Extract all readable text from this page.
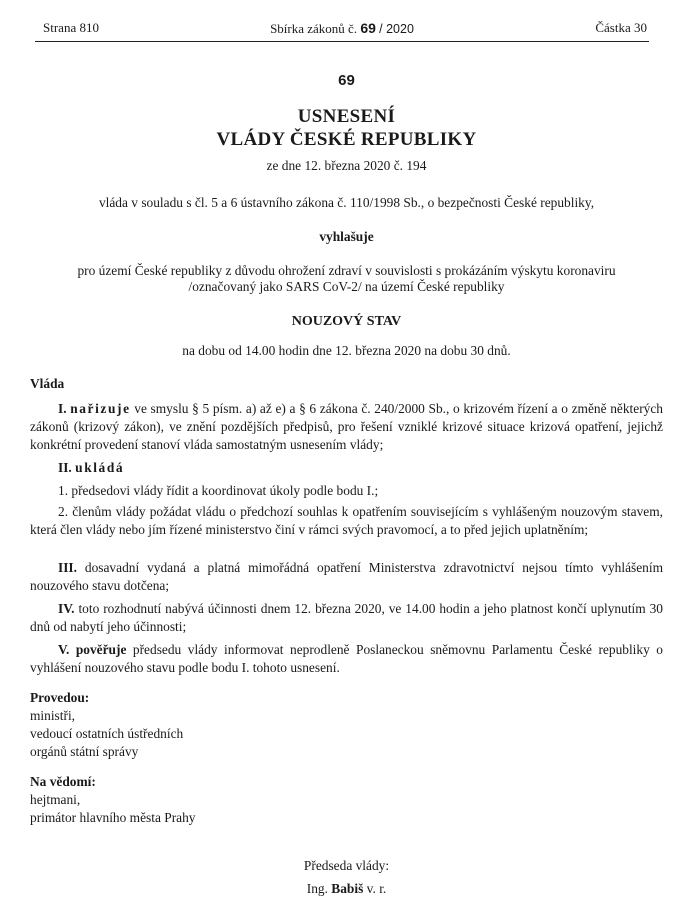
Strana 810	Sbírka zákonů č. 69 / 2020	Částka 30
69
USNESENÍ
VLÁDY ČESKÉ REPUBLIKY
ze dne 12. března 2020 č. 194
vláda v souladu s čl. 5 a 6 ústavního zákona č. 110/1998 Sb., o bezpečnosti České republiky,
vyhlašuje
pro území České republiky z důvodu ohrožení zdraví v souvislosti s prokázáním výskytu koronaviru
/označovaný jako SARS CoV-2/ na území České republiky
NOUZOVÝ STAV
na dobu od 14.00 hodin dne 12. března 2020 na dobu 30 dnů.
Vláda
I. nařizuje ve smyslu § 5 písm. a) až e) a § 6 zákona č. 240/2000 Sb., o krizovém řízení a o změně některých zákonů (krizový zákon), ve znění pozdějších předpisů, pro řešení vzniklé krizové situace krizová opatření, jejichž konkrétní provedení stanoví vláda samostatným usnesením vlády;
II. ukládá
1. předsedovi vlády řídit a koordinovat úkoly podle bodu I.;
2. členům vlády požádat vládu o předchozí souhlas k opatřením souvisejícím s vyhlášeným nouzovým stavem, která člen vlády nebo jím řízené ministerstvo činí v rámci svých pravomocí, a to před jejich uplatněním;
III. dosavadní vydaná a platná mimořádná opatření Ministerstva zdravotnictví nejsou tímto vyhlášením nouzového stavu dotčena;
IV. toto rozhodnutí nabývá účinnosti dnem 12. března 2020, ve 14.00 hodin a jeho platnost končí uplynutím 30 dnů od nabytí jeho účinnosti;
V. pověřuje předsedu vlády informovat neprodleně Poslaneckou sněmovnu Parlamentu České republiky o vyhlášení nouzového stavu podle bodu I. tohoto usnesení.
Provedou:
ministři,
vedoucí ostatních ústředních
orgánů státní správy
Na vědomí:
hejtmani,
primátor hlavního města Prahy
Předseda vlády:
Ing. Babiš v. r.
